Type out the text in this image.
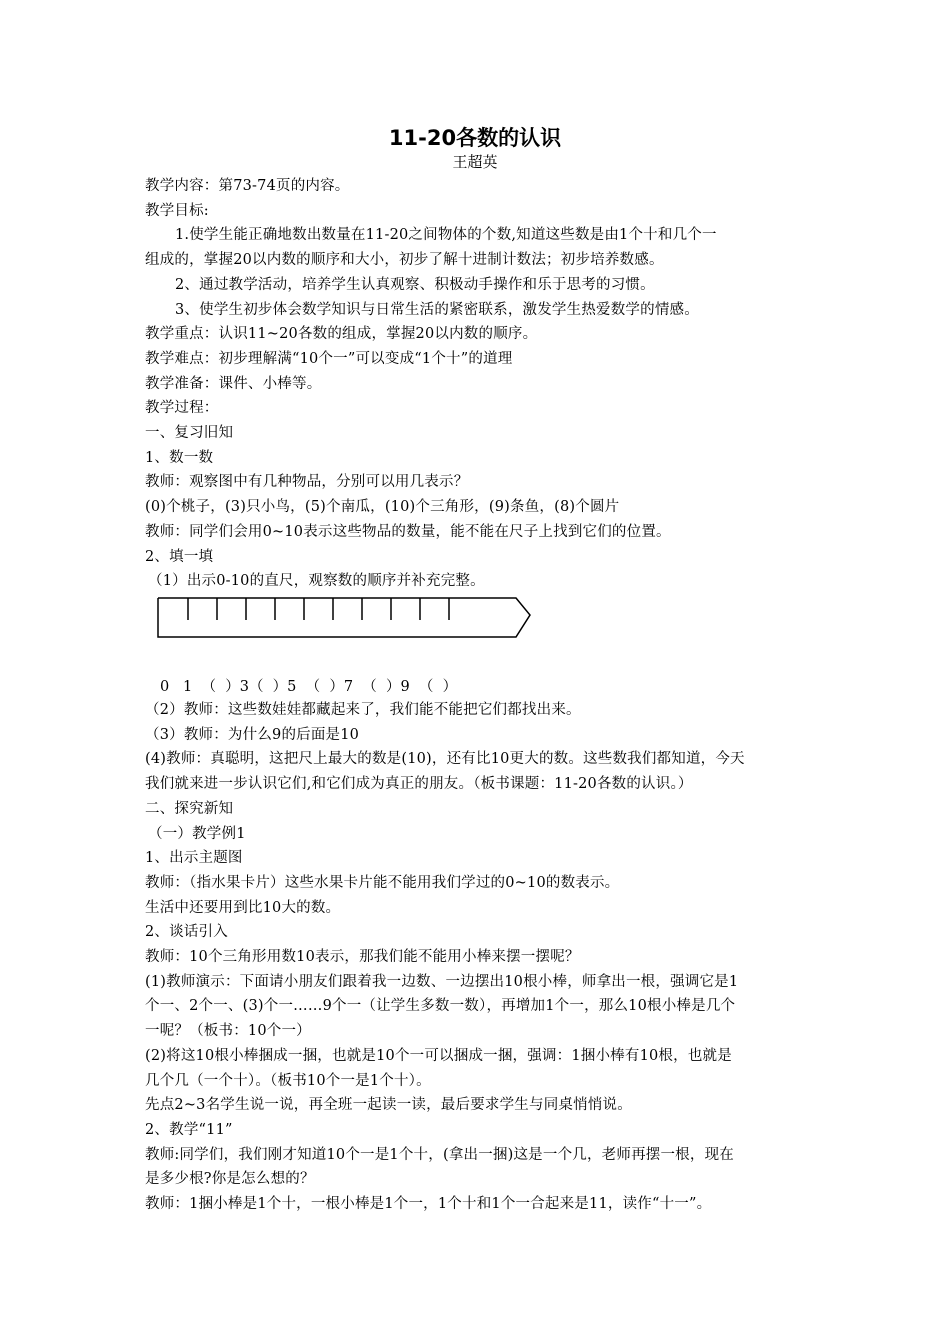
11-20各数的认识
王超英
教学内容：第73-74页的内容。
教学目标:
1.使学生能正确地数出数量在11-20之间物体的个数,知道这些数是由1个十和几个一
组成的，掌握20以内数的顺序和大小，初步了解十进制计数法；初步培养数感。
2、通过教学活动，培养学生认真观察、积极动手操作和乐于思考的习惯。
3、使学生初步体会数学知识与日常生活的紧密联系，激发学生热爱数学的情感。
教学重点：认识11~20各数的组成，掌握20以内数的顺序。
教学难点：初步理解满“10个一”可以变成“1个十”的道理
教学准备：课件、小棒等。
教学过程：
一、复习旧知
1、数一数
教师：观察图中有几种物品，分别可以用几表示？
(0)个桃子，(3)只小鸟，(5)个南瓜，(10)个三角形，(9)条鱼，(8)个圆片
教师：同学们会用0~10表示这些物品的数量，能不能在尺子上找到它们的位置。
2、填一填
（1）出示0-10的直尺，观察数的顺序并补充完整。
0   1  （  ）3（  ）5  （  ）7  （  ）9  （  ）
（2）教师：这些数娃娃都藏起来了，我们能不能把它们都找出来。
（3）教师：为什么9的后面是10
(4)教师：真聪明，这把尺上最大的数是(10)，还有比10更大的数。这些数我们都知道，今天
我们就来进一步认识它们,和它们成为真正的朋友。（板书课题：11-20各数的认识。）
二、探究新知
（一）教学例1
1、出示主题图
教师：（指水果卡片）这些水果卡片能不能用我们学过的0~10的数表示。
生活中还要用到比10大的数。
2、谈话引入
教师：10个三角形用数10表示，那我们能不能用小棒来摆一摆呢？
(1)教师演示：下面请小朋友们跟着我一边数、一边摆出10根小棒，师拿出一根，强调它是1
个一、2个一、(3)个一……9个一（让学生多数一数），再增加1个一，那么10根小棒是几个
一呢？（板书：10个一）
(2)将这10根小棒捆成一捆，也就是10个一可以捆成一捆，强调：1捆小棒有10根，也就是
几个几（一个十）。（板书10个一是1个十）。
先点2~3名学生说一说，再全班一起读一读，最后要求学生与同桌悄悄说。
2、教学“11”
教师:同学们，我们刚才知道10个一是1个十，(拿出一捆)这是一个几，老师再摆一根，现在
是多少根?你是怎么想的？
教师：1捆小棒是1个十，一根小棒是1个一，1个十和1个一合起来是11，读作“十一”。
